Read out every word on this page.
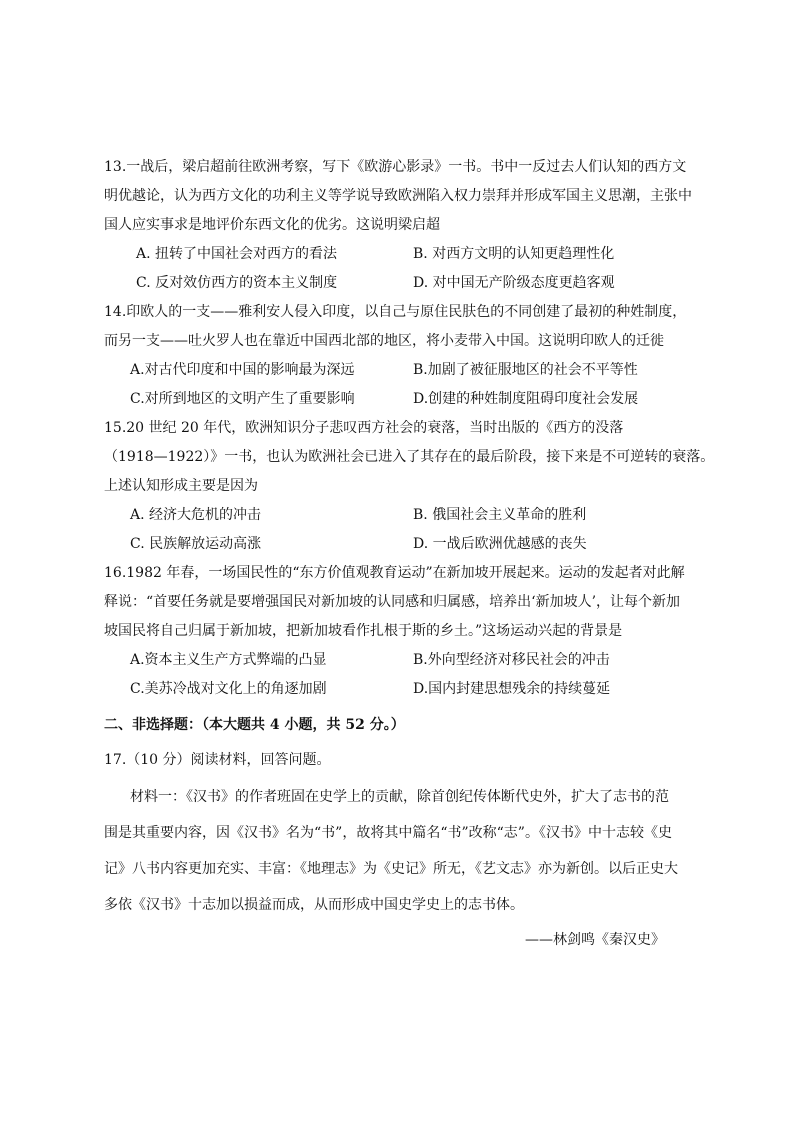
13.一战后，梁启超前往欧洲考察，写下《欧游心影录》一书。书中一反过去人们认知的西方文
明优越论，认为西方文化的功利主义等学说导致欧洲陷入权力崇拜并形成军国主义思潮，主张中
国人应实事求是地评价东西文化的优劣。这说明梁启超
A. 扭转了中国社会对西方的看法	B. 对西方文明的认知更趋理性化
C. 反对效仿西方的资本主义制度	D. 对中国无产阶级态度更趋客观
14.印欧人的一支——雅利安人侵入印度，以自己与原住民肤色的不同创建了最初的种姓制度，
而另一支——吐火罗人也在靠近中国西北部的地区，将小麦带入中国。这说明印欧人的迁徙
A.对古代印度和中国的影响最为深远	B.加剧了被征服地区的社会不平等性
C.对所到地区的文明产生了重要影响	D.创建的种姓制度阻碍印度社会发展
15.20 世纪 20 年代，欧洲知识分子悲叹西方社会的衰落，当时出版的《西方的没落
（1918—1922）》一书，也认为欧洲社会已进入了其存在的最后阶段，接下来是不可逆转的衰落。
上述认知形成主要是因为
A. 经济大危机的冲击	B. 俄国社会主义革命的胜利
C. 民族解放运动高涨	D. 一战后欧洲优越感的丧失
16.1982 年春，一场国民性的“东方价值观教育运动”在新加坡开展起来。运动的发起者对此解
释说：“首要任务就是要增强国民对新加坡的认同感和归属感，培养出‘新加坡人’，让每个新加
坡国民将自己归属于新加坡，把新加坡看作扎根于斯的乡土。”这场运动兴起的背景是
A.资本主义生产方式弊端的凸显	B.外向型经济对移民社会的冲击
C.美苏冷战对文化上的角逐加剧	D.国内封建思想残余的持续蔓延
二、非选择题：（本大题共 4 小题，共 52 分。）
17.（10 分）阅读材料，回答问题。
材料一：《汉书》的作者班固在史学上的贡献，除首创纪传体断代史外，扩大了志书的范
围是其重要内容，因《汉书》名为“书”，故将其中篇名“书”改称“志”。《汉书》中十志较《史
记》八书内容更加充实、丰富：《地理志》为《史记》所无，《艺文志》亦为新创。以后正史大
多依《汉书》十志加以损益而成，从而形成中国史学史上的志书体。
——林剑鸣《秦汉史》
